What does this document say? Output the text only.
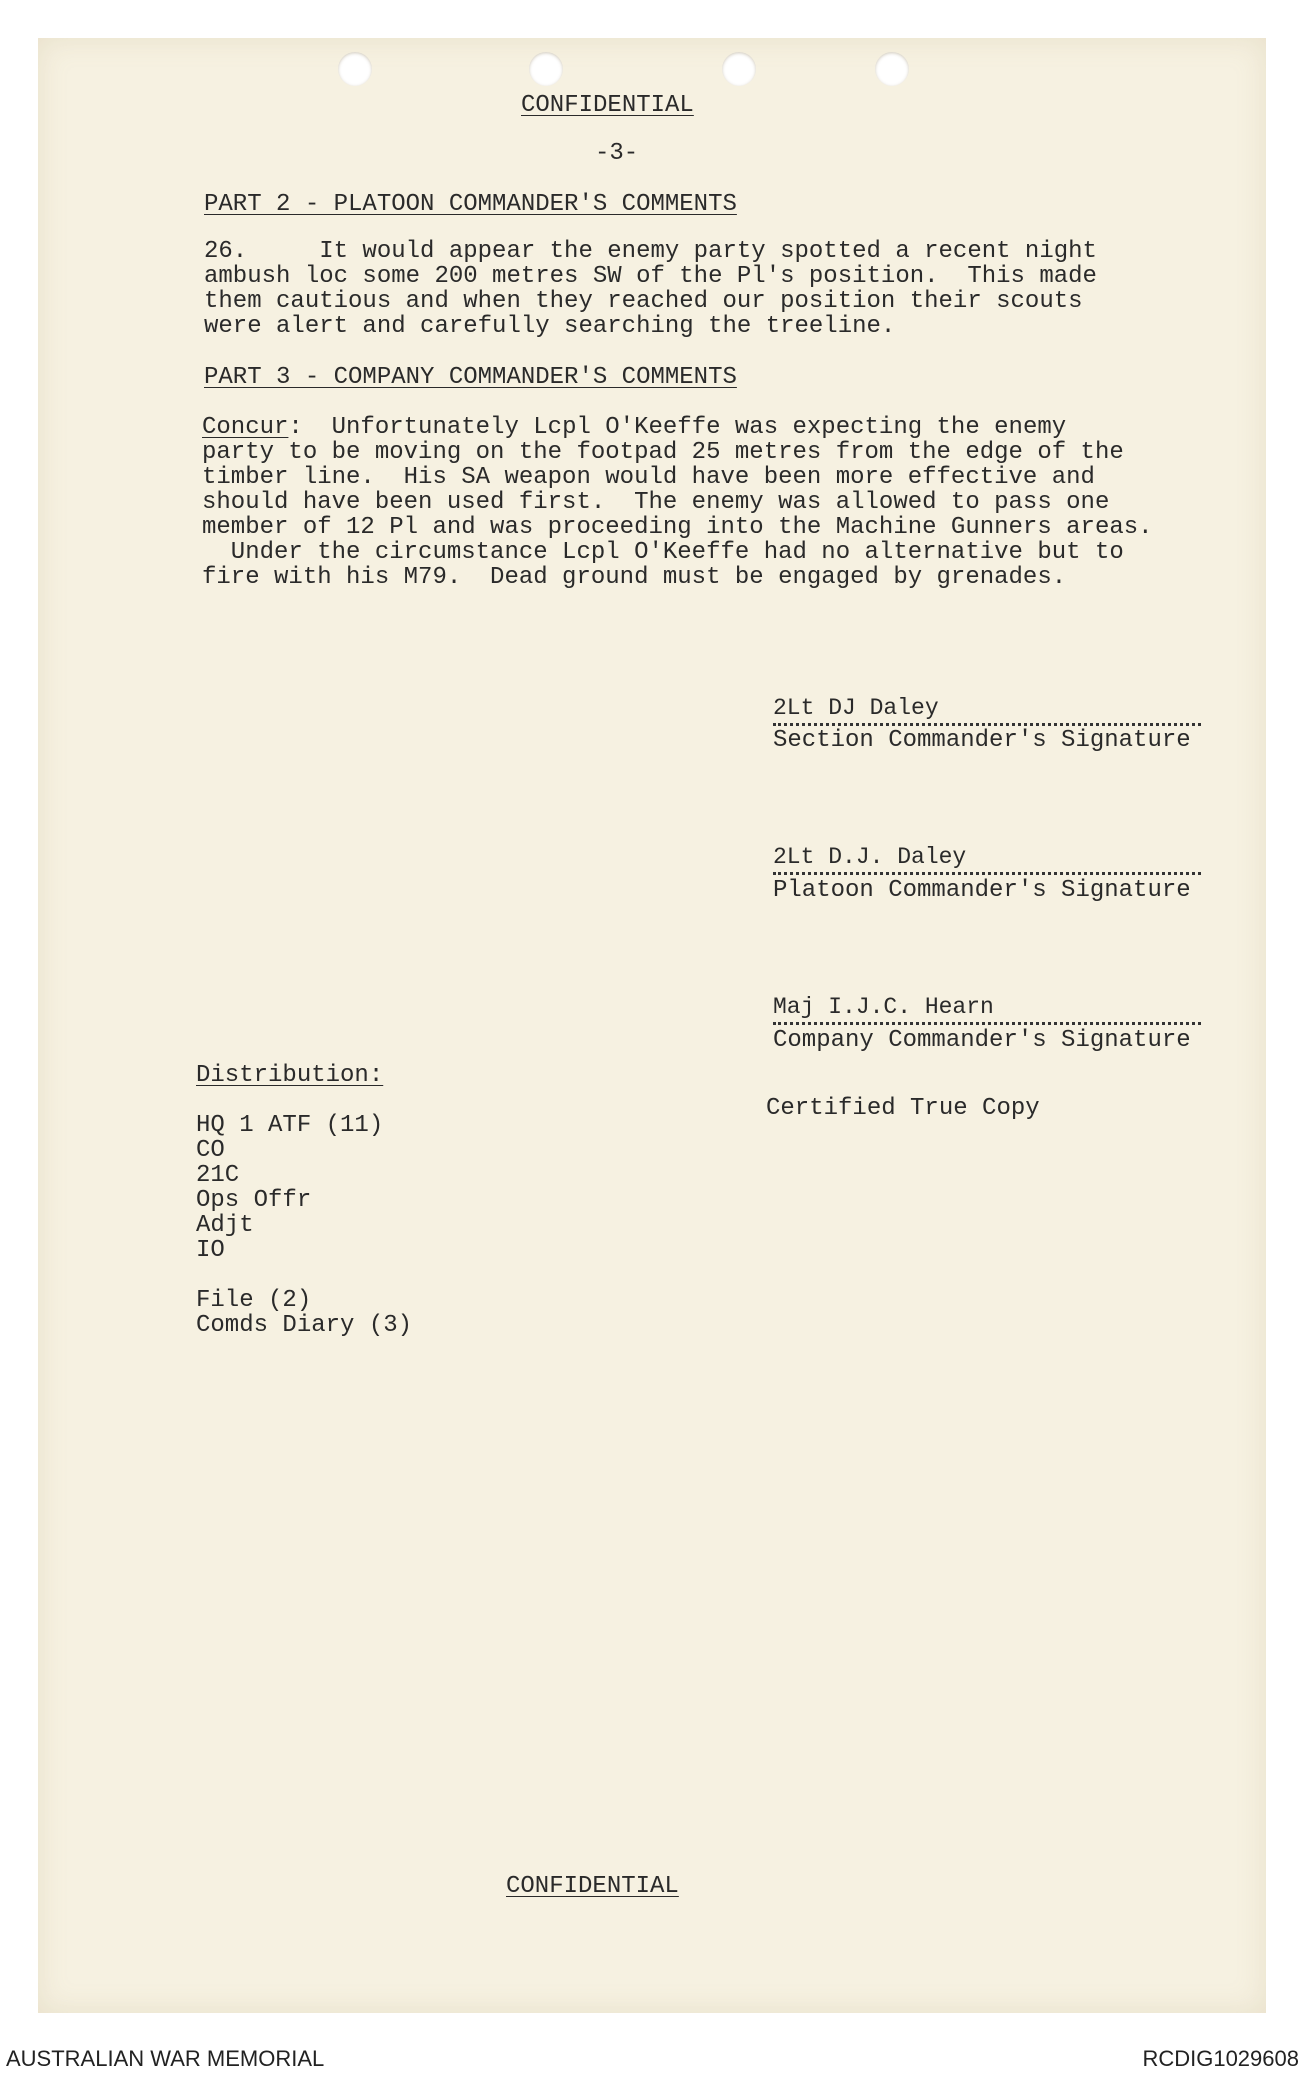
CONFIDENTIAL
-3-
PART 2 - PLATOON COMMANDER'S COMMENTS
26.     It would appear the enemy party spotted a recent night
ambush loc some 200 metres SW of the Pl's position.  This made
them cautious and when they reached our position their scouts
were alert and carefully searching the treeline.
PART 3 - COMPANY COMMANDER'S COMMENTS
Concur:  Unfortunately Lcpl O'Keeffe was expecting the enemy
party to be moving on the footpad 25 metres from the edge of the
timber line.  His SA weapon would have been more effective and
should have been used first.  The enemy was allowed to pass one
member of 12 Pl and was proceeding into the Machine Gunners areas.
Under the circumstance Lcpl O'Keeffe had no alternative but to
fire with his M79.  Dead ground must be engaged by grenades.
2Lt DJ Daley
Section Commander's Signature
2Lt D.J. Daley
Platoon Commander's Signature
Maj I.J.C. Hearn
Company Commander's Signature
Certified True Copy
Distribution:
HQ 1 ATF (11)
CO
21C
Ops Offr
Adjt
IO
File (2)
Comds Diary (3)
CONFIDENTIAL
AUSTRALIAN WAR MEMORIAL	RCDIG1029608
